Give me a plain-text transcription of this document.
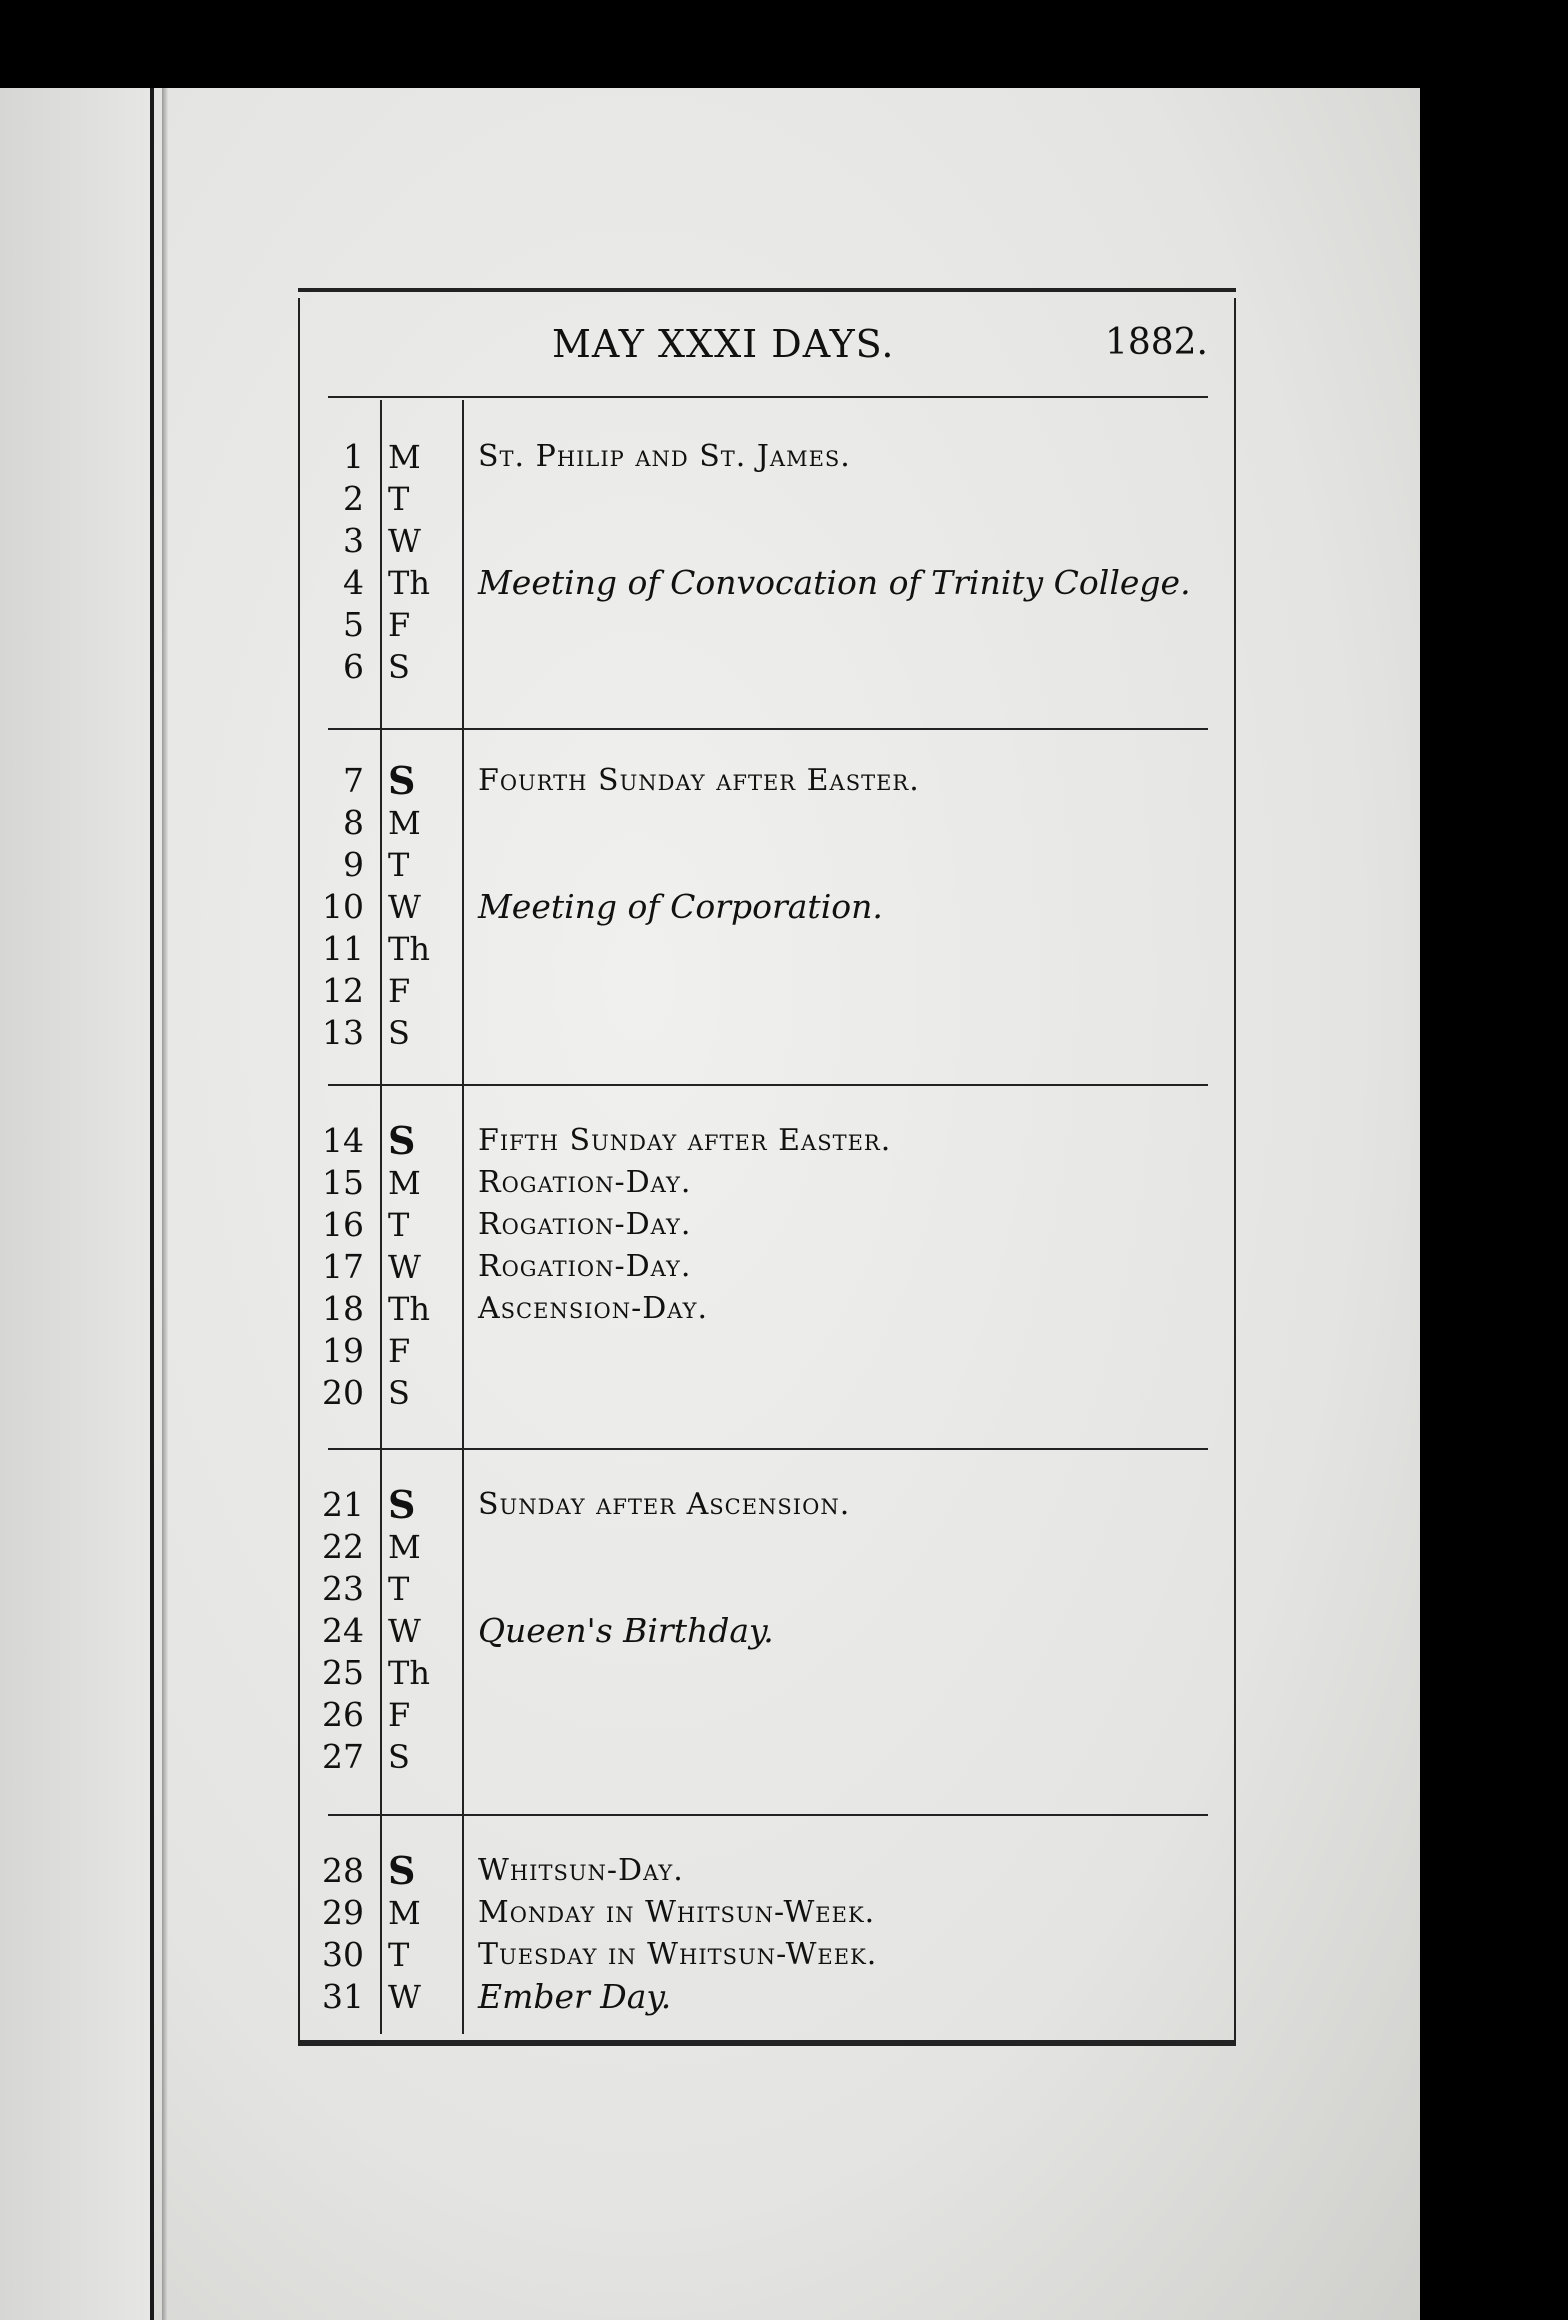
MAY XXXI DAYS.	1882.
1 M	St. Philip and St. James.
2 T
3 W
4 Th	Meeting of Convocation of Trinity College.
5 F
6 S
7 S	Fourth Sunday after Easter.
8 M
9 T
10 W	Meeting of Corporation.
11 Th
12 F
13 S
14 S	Fifth Sunday after Easter.
15 M	Rogation-Day.
16 T	Rogation-Day.
17 W	Rogation-Day.
18 Th	Ascension-Day.
19 F
20 S
21 S	Sunday after Ascension.
22 M
23 T
24 W	Queen's Birthday.
25 Th
26 F
27 S
28 S	Whitsun-Day.
29 M	Monday in Whitsun-Week.
30 T	Tuesday in Whitsun-Week.
31 W	Ember Day.
